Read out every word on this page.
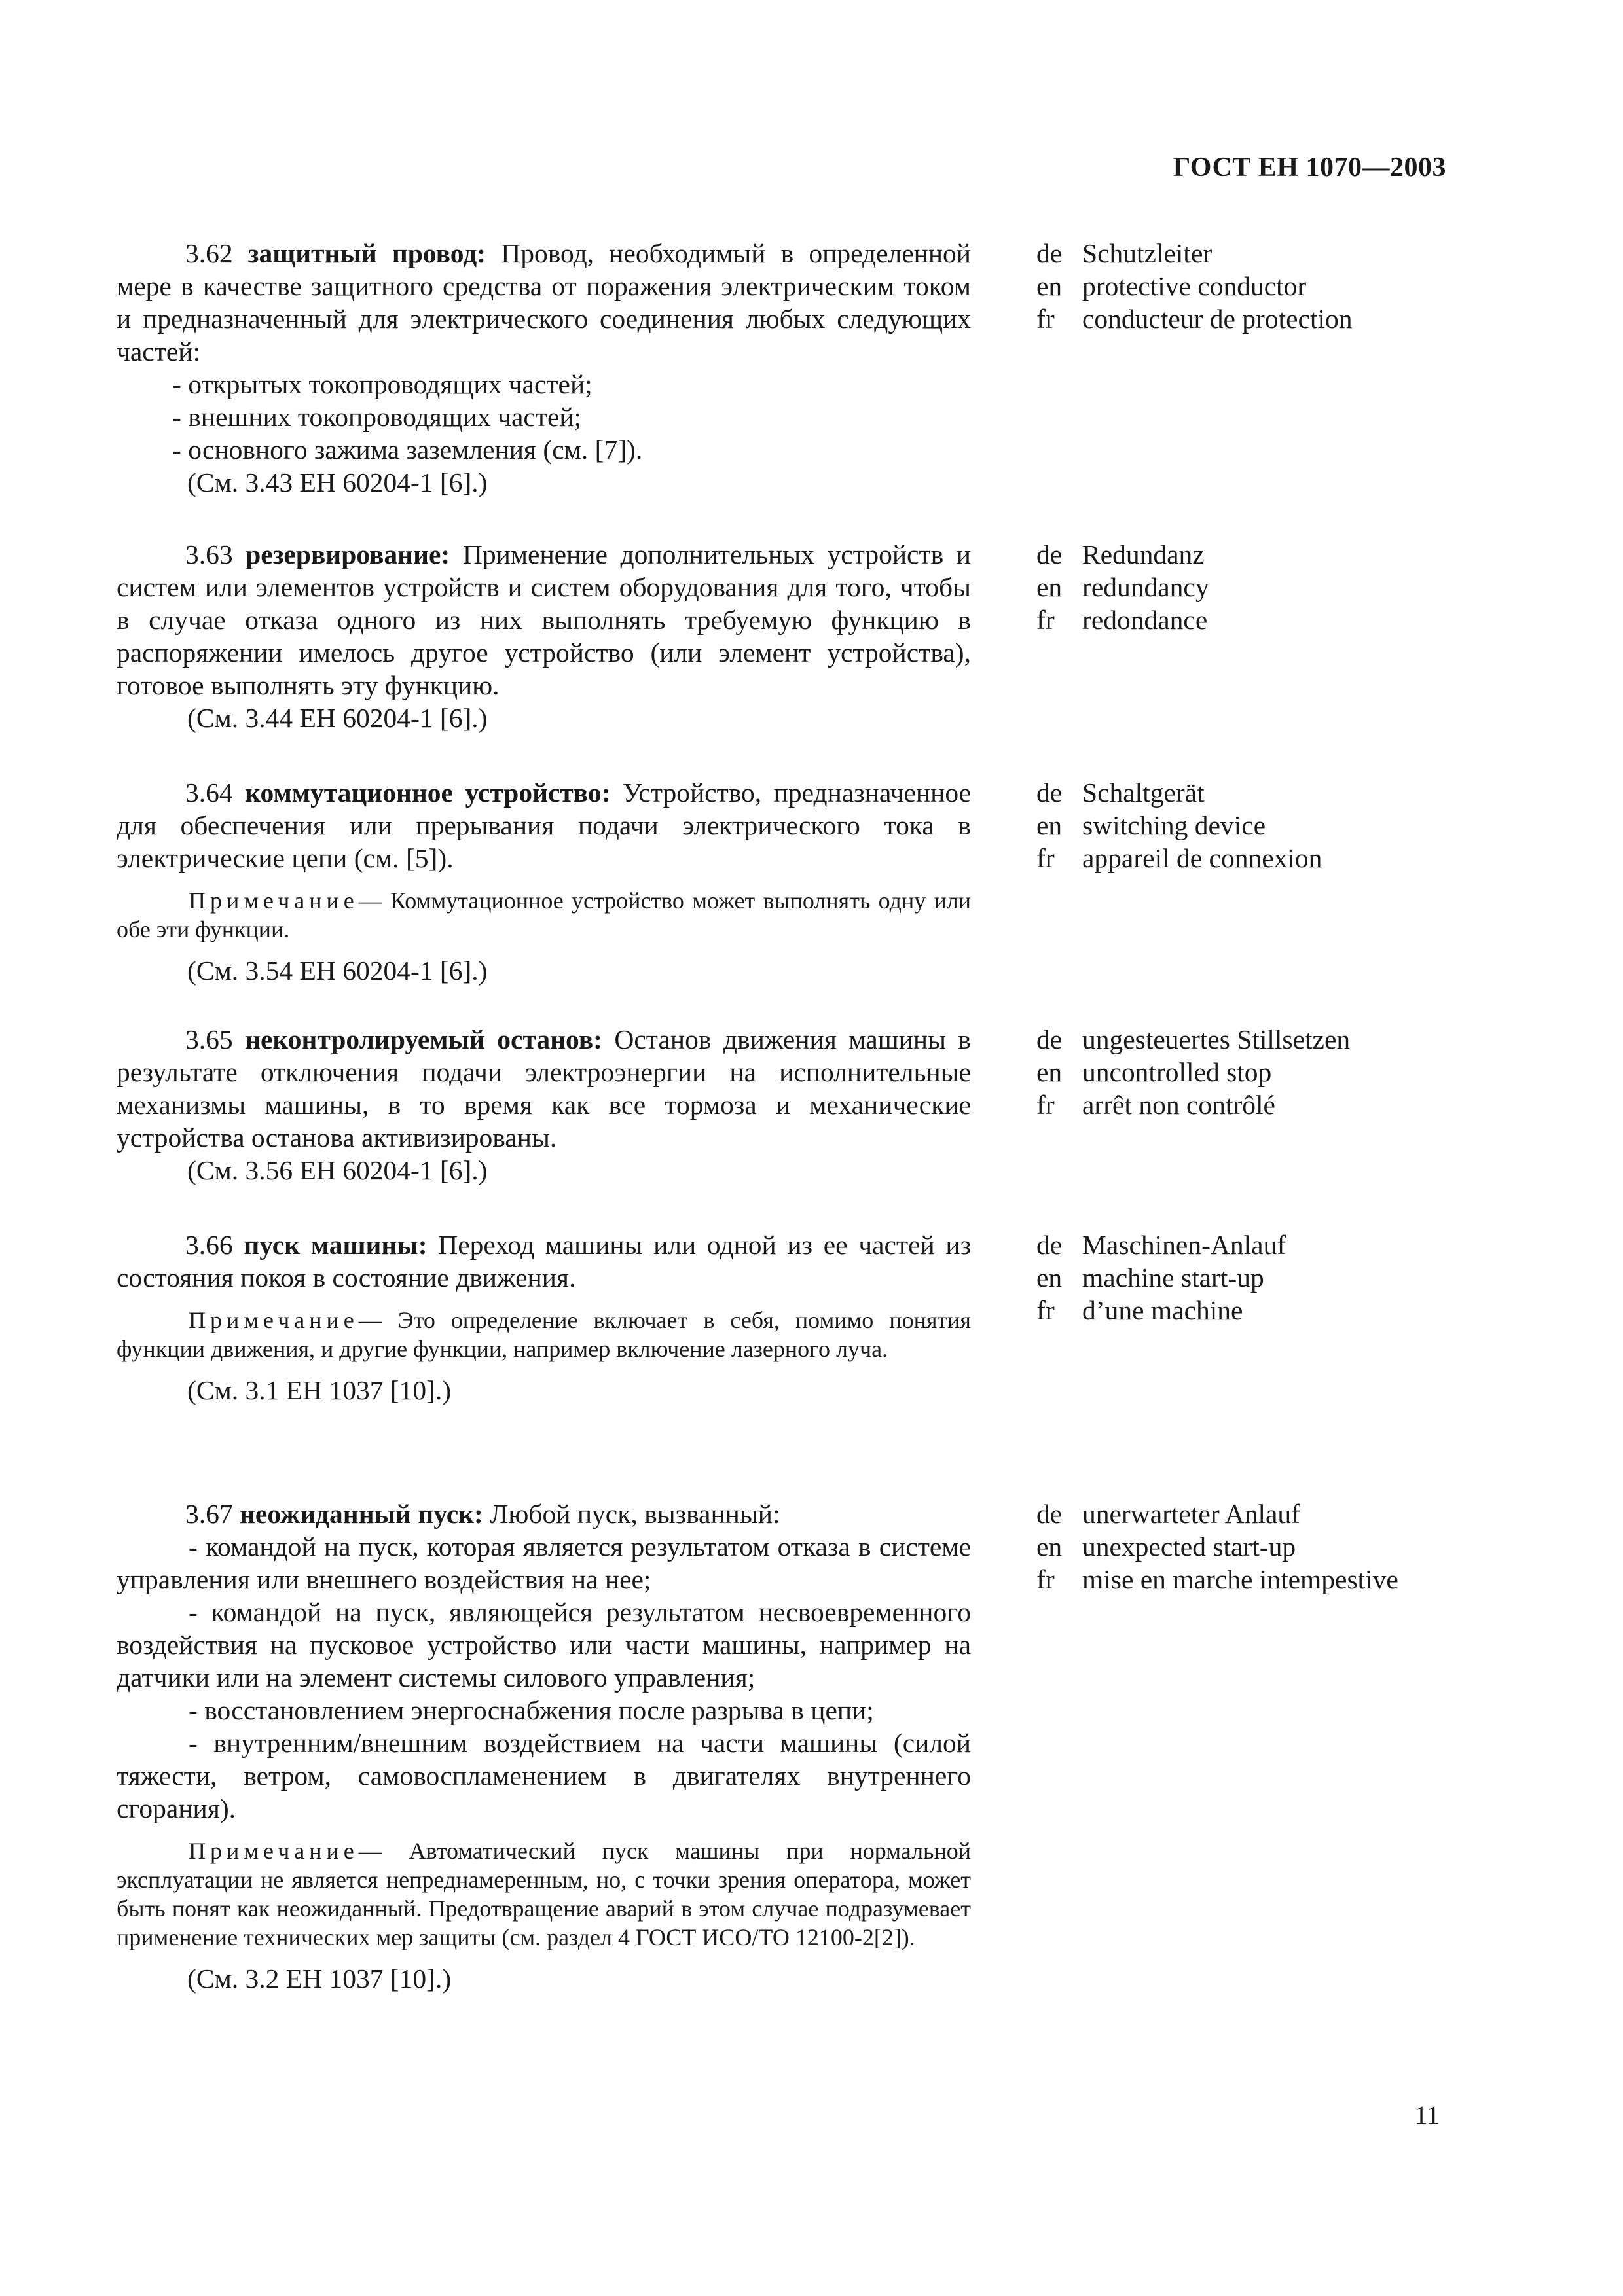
ГОСТ ЕН 1070—2003
3.62 защитный провод: Провод, необходимый в определенной мере в качестве защитного средства от поражения электрическим током и предназначенный для электрического соединения любых следующих частей:
- открытых токопроводящих частей;
- внешних токопроводящих частей;
- основного зажима заземления (см. [7]).
(См. 3.43 ЕН 60204-1 [6].)
de Schutzleiter
en protective conductor
fr conducteur de protection
3.63 резервирование: Применение дополнительных устройств и систем или элементов устройств и систем оборудования для того, чтобы в случае отказа одного из них выполнять требуемую функцию в распоряжении имелось другое устройство (или элемент устройства), готовое выполнять эту функцию.
(См. 3.44 ЕН 60204-1 [6].)
de Redundanz
en redundancy
fr redondance
3.64 коммутационное устройство: Устройство, предназначенное для обеспечения или прерывания подачи электрического тока в электрические цепи (см. [5]).
Примечание— Коммутационное устройство может выполнять одну или обе эти функции.
(См. 3.54 ЕН 60204-1 [6].)
de Schaltgerät
en switching device
fr appareil de connexion
3.65 неконтролируемый останов: Останов движения машины в результате отключения подачи электроэнергии на исполнительные механизмы машины, в то время как все тормоза и механические устройства останова активизированы.
(См. 3.56 ЕН 60204-1 [6].)
de ungesteuertes Stillsetzen
en uncontrolled stop
fr arrêt non contrôlé
3.66 пуск машины: Переход машины или одной из ее частей из состояния покоя в состояние движения.
Примечание— Это определение включает в себя, помимо понятия функции движения, и другие функции, например включение лазерного луча.
(См. 3.1 ЕН 1037 [10].)
de Maschinen-Anlauf
en machine start-up
fr d’une machine
3.67 неожиданный пуск: Любой пуск, вызванный:
- командой на пуск, которая является результатом отказа в системе управления или внешнего воздействия на нее;
- командой на пуск, являющейся результатом несвоевременного воздействия на пусковое устройство или части машины, например на датчики или на элемент системы силового управления;
- восстановлением энергоснабжения после разрыва в цепи;
- внутренним/внешним воздействием на части машины (силой тяжести, ветром, самовоспламенением в двигателях внутреннего сгорания).
Примечание— Автоматический пуск машины при нормальной эксплуатации не является непреднамеренным, но, с точки зрения оператора, может быть понят как неожиданный. Предотвращение аварий в этом случае подразумевает применение технических мер защиты (см. раздел 4 ГОСТ ИСО/ТО 12100-2[2]).
(См. 3.2 ЕН 1037 [10].)
de unerwarteter Anlauf
en unexpected start-up
fr mise en marche intempestive
11
